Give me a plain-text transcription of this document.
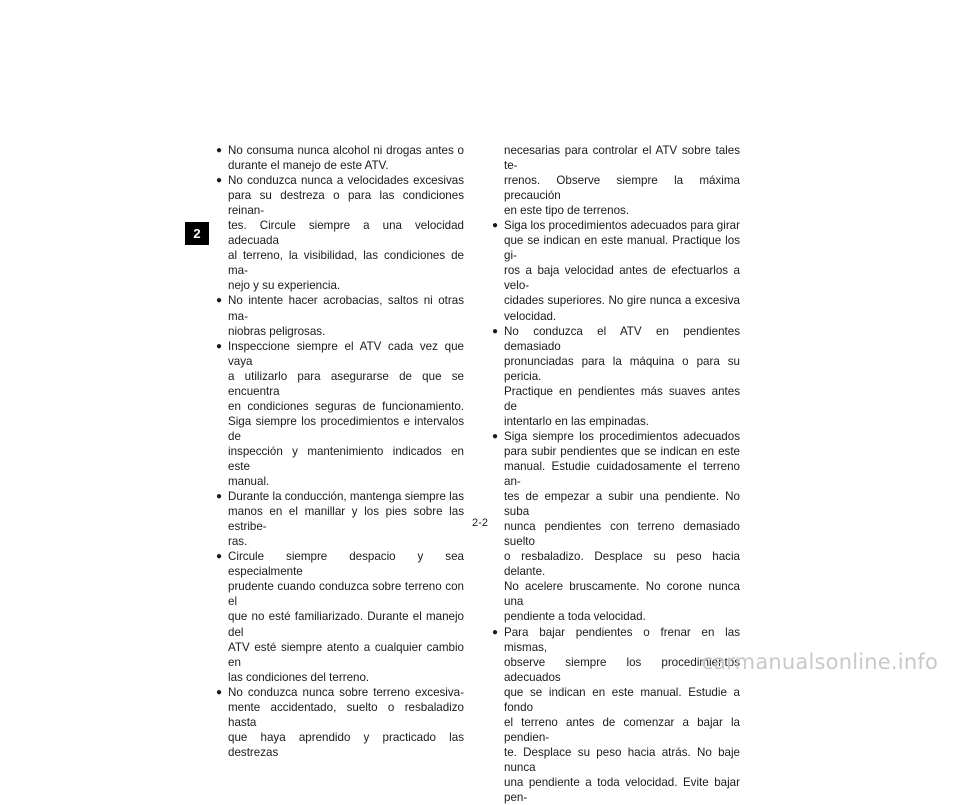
2
● No consuma nunca alcohol ni drogas antes o
durante el manejo de este ATV.
● No conduzca nunca a velocidades excesivas
para su destreza o para las condiciones reinan-
tes. Circule siempre a una velocidad adecuada
al terreno, la visibilidad, las condiciones de ma-
nejo y su experiencia.
● No intente hacer acrobacias, saltos ni otras ma-
niobras peligrosas.
● Inspeccione siempre el ATV cada vez que vaya
a utilizarlo para asegurarse de que se encuentra
en condiciones seguras de funcionamiento.
Siga siempre los procedimientos e intervalos de
inspección y mantenimiento indicados en este
manual.
● Durante la conducción, mantenga siempre las
manos en el manillar y los pies sobre las estribe-
ras.
● Circule siempre despacio y sea especialmente
prudente cuando conduzca sobre terreno con el
que no esté familiarizado. Durante el manejo del
ATV esté siempre atento a cualquier cambio en
las condiciones del terreno.
● No conduzca nunca sobre terreno excesiva-
mente accidentado, suelto o resbaladizo hasta
que haya aprendido y practicado las destrezas
necesarias para controlar el ATV sobre tales te-
rrenos. Observe siempre la máxima precaución
en este tipo de terrenos.
● Siga los procedimientos adecuados para girar
que se indican en este manual. Practique los gi-
ros a baja velocidad antes de efectuarlos a velo-
cidades superiores. No gire nunca a excesiva
velocidad.
● No conduzca el ATV en pendientes demasiado
pronunciadas para la máquina o para su pericia.
Practique en pendientes más suaves antes de
intentarlo en las empinadas.
● Siga siempre los procedimientos adecuados
para subir pendientes que se indican en este
manual. Estudie cuidadosamente el terreno an-
tes de empezar a subir una pendiente. No suba
nunca pendientes con terreno demasiado suelto
o resbaladizo. Desplace su peso hacia delante.
No acelere bruscamente. No corone nunca una
pendiente a toda velocidad.
● Para bajar pendientes o frenar en las mismas,
observe siempre los procedimientos adecuados
que se indican en este manual. Estudie a fondo
el terreno antes de comenzar a bajar la pendien-
te. Desplace su peso hacia atrás. No baje nunca
una pendiente a toda velocidad. Evite bajar pen-
2-2
carmanualsonline.info
